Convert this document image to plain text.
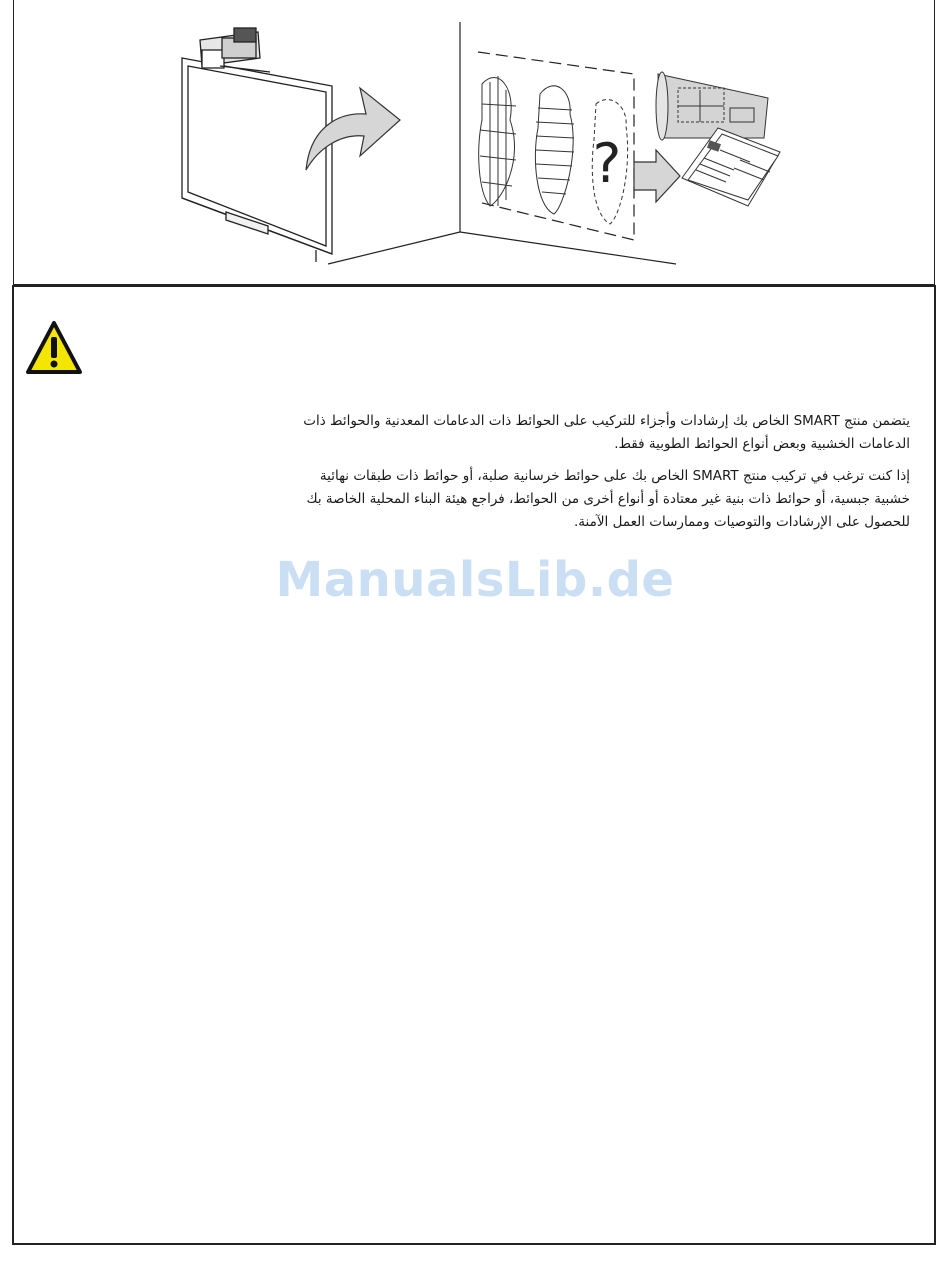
?

يتضمن منتج SMART الخاص بك إرشادات وأجزاء للتركيب على الحوائط ذات الدعامات المعدنية والحوائط ذات الدعامات الخشبية وبعض أنواع الحوائط الطوبية فقط.

إذا كنت ترغب في تركيب منتج SMART الخاص بك على حوائط خرسانية صلبة، أو حوائط ذات طبقات نهائية خشبية جبسية، أو حوائط ذات بنية غير معتادة أو أنواع أخرى من الحوائط، فراجع هيئة البناء المحلية الخاصة بك للحصول على الإرشادات والتوصيات وممارسات العمل الآمنة.

ManualsLib.de
